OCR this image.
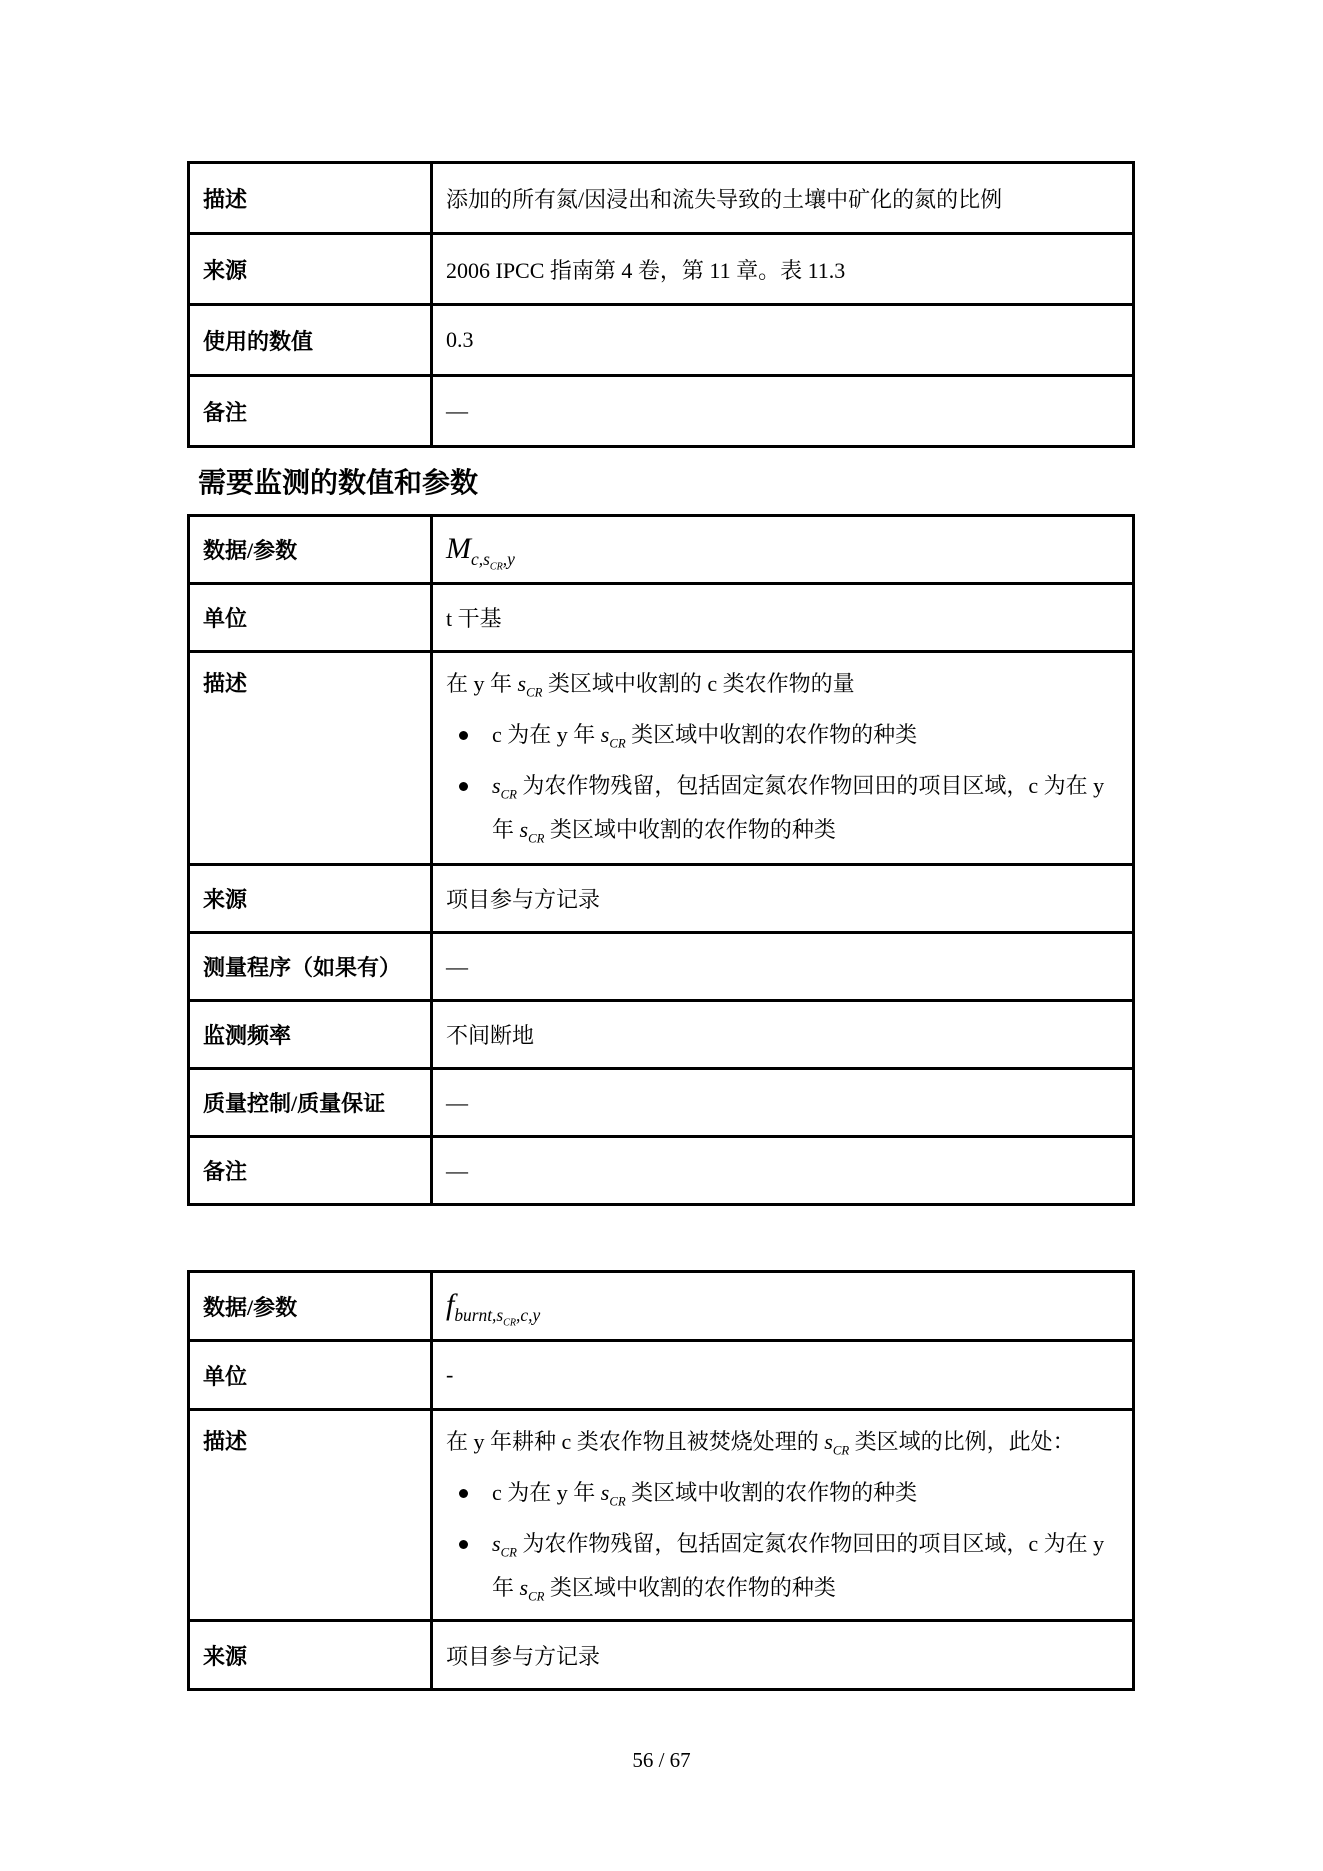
描述	添加的所有氮/因浸出和流失导致的土壤中矿化的氮的比例
来源	2006 IPCC 指南第 4 卷，第 11 章。表 11.3
使用的数值	0.3
备注	—
需要监测的数值和参数
数据/参数	$M_{c,s_{CR},y}$
单位	t 干基
描述	在 y 年 $s_{CR}$ 类区域中收割的 c 类农作物的量

c 为在 y 年 $s_{CR}$ 类区域中收割的农作物的种类
$s_{CR}$ 为农作物残留，包括固定氮农作物回田的项目区域，c 为在 y 年 $s_{CR}$ 类区域中收割的农作物的种类

来源	项目参与方记录
测量程序（如果有）	—
监测频率	不间断地
质量控制/质量保证	—
备注	—
数据/参数	$f_{burnt,s_{CR},c,y}$
单位	-
描述	在 y 年耕种 c 类农作物且被焚烧处理的 $s_{CR}$ 类区域的比例，此处：

c 为在 y 年 $s_{CR}$ 类区域中收割的农作物的种类
$s_{CR}$ 为农作物残留，包括固定氮农作物回田的项目区域，c 为在 y 年 $s_{CR}$ 类区域中收割的农作物的种类

来源	项目参与方记录
56 / 67
